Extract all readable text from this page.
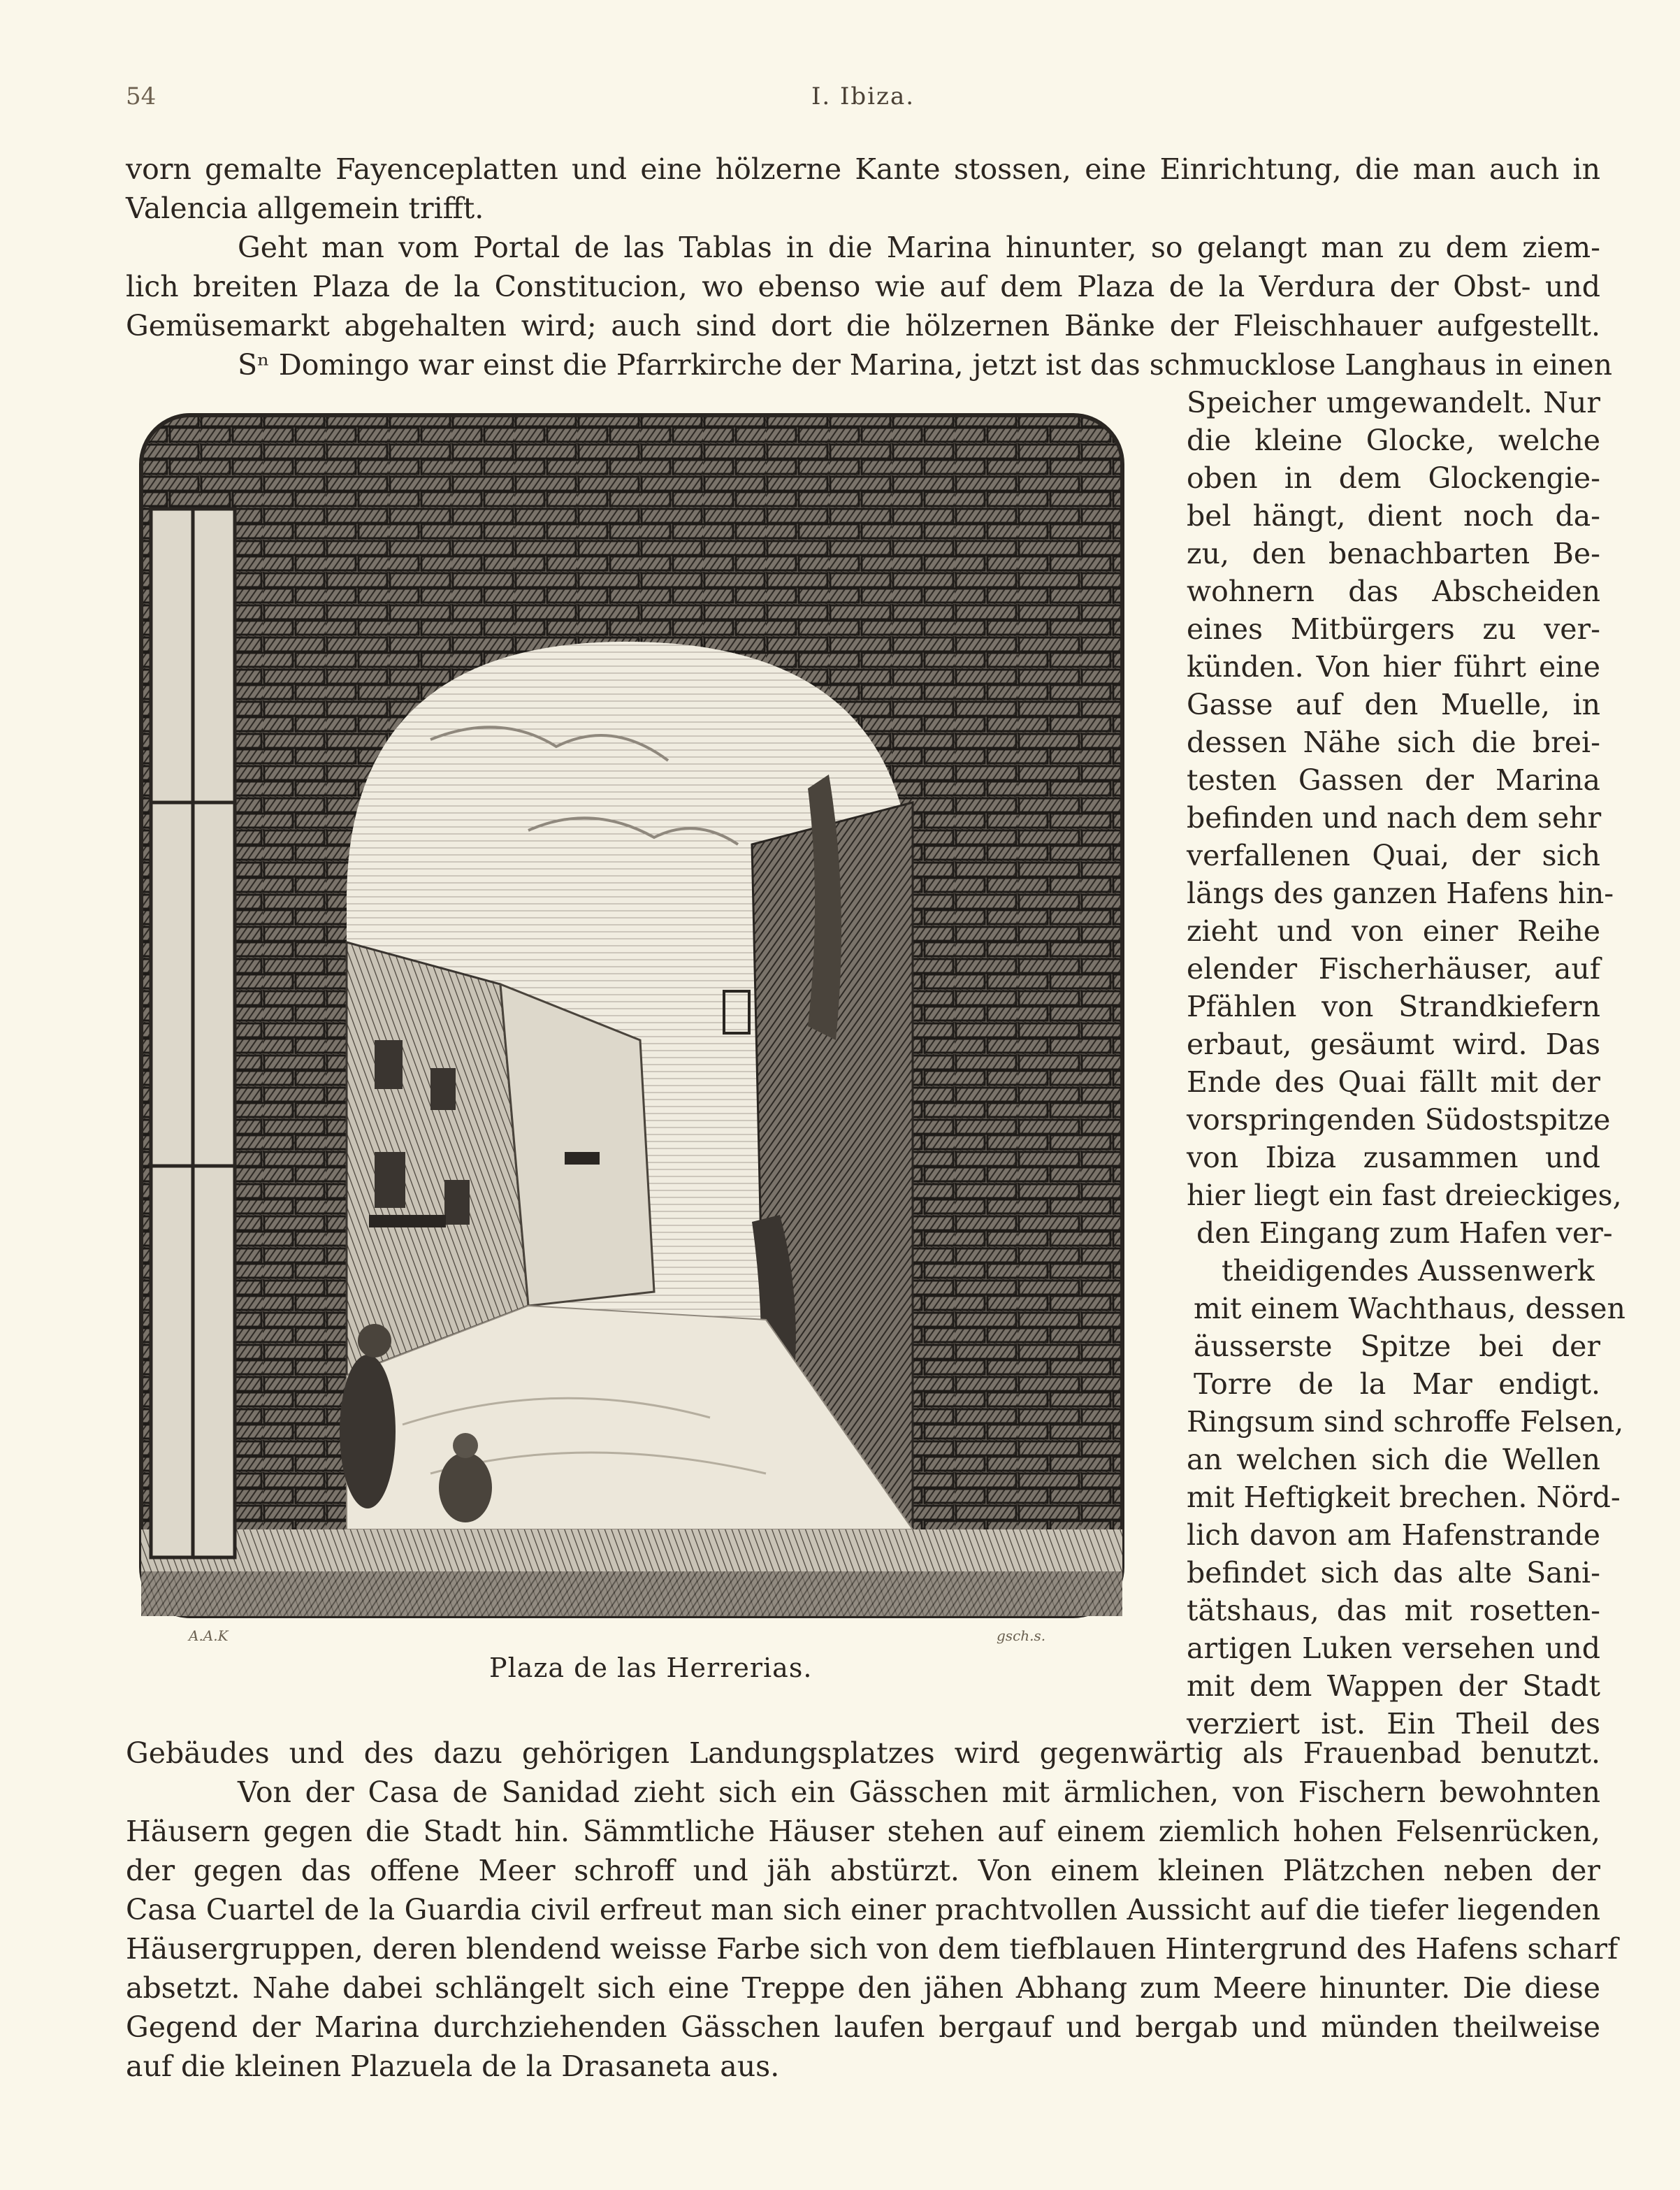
54	I. Ibiza.
vorn gemalte Fayenceplatten und eine hölzerne Kante stossen, eine Einrichtung, die man auch in
Valencia allgemein trifft.
Geht man vom Portal de las Tablas in die Marina hinunter, so gelangt man zu dem ziem-
lich breiten Plaza de la Constitucion, wo ebenso wie auf dem Plaza de la Verdura der Obst- und
Gemüsemarkt abgehalten wird; auch sind dort die hölzernen Bänke der Fleischhauer aufgestellt.
Sⁿ Domingo war einst die Pfarrkirche der Marina, jetzt ist das schmucklose Langhaus in einen
Speicher umgewandelt. Nur
die kleine Glocke, welche
oben in dem Glockengie-
bel hängt, dient noch da-
zu, den benachbarten Be-
wohnern das Abscheiden
eines Mitbürgers zu ver-
künden. Von hier führt eine
Gasse auf den Muelle, in
dessen Nähe sich die brei-
testen Gassen der Marina
befinden und nach dem sehr
verfallenen Quai, der sich
längs des ganzen Hafens hin-
zieht und von einer Reihe
elender Fischerhäuser, auf
Pfählen von Strandkiefern
erbaut, gesäumt wird. Das
Ende des Quai fällt mit der
vorspringenden Südostspitze
von Ibiza zusammen und
hier liegt ein fast dreieckiges,
den Eingang zum Hafen ver-
theidigendes Aussenwerk
mit einem Wachthaus, dessen
äusserste Spitze bei der
Torre de la Mar endigt.
Ringsum sind schroffe Felsen,
an welchen sich die Wellen
mit Heftigkeit brechen. Nörd-
lich davon am Hafenstrande
befindet sich das alte Sani-
tätshaus, das mit rosetten-
artigen Luken versehen und
mit dem Wappen der Stadt
verziert ist. Ein Theil des
A.A.K	gsch.s.
Plaza de las Herrerias.
Gebäudes und des dazu gehörigen Landungsplatzes wird gegenwärtig als Frauenbad benutzt.
Von der Casa de Sanidad zieht sich ein Gässchen mit ärmlichen, von Fischern bewohnten
Häusern gegen die Stadt hin. Sämmtliche Häuser stehen auf einem ziemlich hohen Felsenrücken,
der gegen das offene Meer schroff und jäh abstürzt. Von einem kleinen Plätzchen neben der
Casa Cuartel de la Guardia civil erfreut man sich einer prachtvollen Aussicht auf die tiefer liegenden
Häusergruppen, deren blendend weisse Farbe sich von dem tiefblauen Hintergrund des Hafens scharf
absetzt. Nahe dabei schlängelt sich eine Treppe den jähen Abhang zum Meere hinunter. Die diese
Gegend der Marina durchziehenden Gässchen laufen bergauf und bergab und münden theilweise
auf die kleinen Plazuela de la Drasaneta aus.
